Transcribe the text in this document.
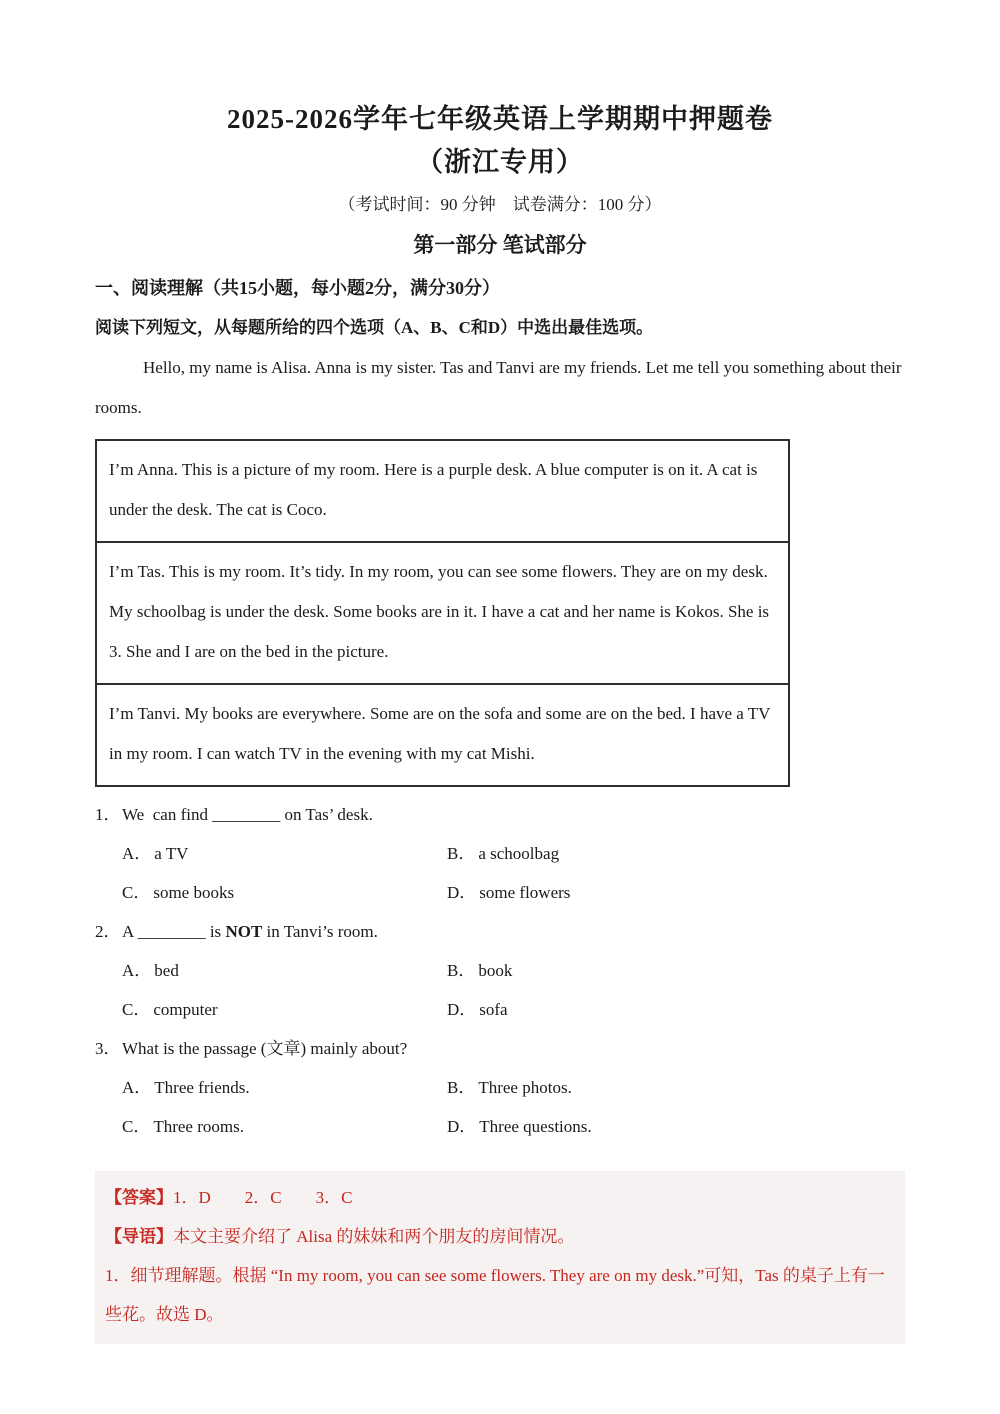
2025-2026学年七年级英语上学期期中押题卷
（浙江专用）
（考试时间：90 分钟　试卷满分：100 分）
第一部分 笔试部分
一、阅读理解（共15小题，每小题2分，满分30分）
阅读下列短文，从每题所给的四个选项（A、B、C和D）中选出最佳选项。

Hello, my name is Alisa. Anna is my sister. Tas and Tanvi are my friends. Let me tell you something about their rooms.

I’m Anna. This is a picture of my room. Here is a purple desk. A blue computer is on it. A cat is under the desk. The cat is Coco.
I’m Tas. This is my room. It’s tidy. In my room, you can see some flowers. They are on my desk. My schoolbag is under the desk. Some books are in it. I have a cat and her name is Kokos. She is 3. She and I are on the bed in the picture.
I’m Tanvi. My books are everywhere. Some are on the sofa and some are on the bed. I have a TV in my room. I can watch TV in the evening with my cat Mishi.
1．We  can find ________ on Tas’ desk.
A． a TV	B． a schoolbag
C． some books	D． some flowers
2．A ________ is NOT in Tanvi’s room.
A． bed	B． book
C． computer	D． sofa
3．What is the passage (文章) mainly about?
A． Three friends.	B． Three photos.
C． Three rooms.	D． Three questions.

【答案】1．D　　2．C　　3．C

【导语】本文主要介绍了 Alisa 的妹妹和两个朋友的房间情况。

1．细节理解题。根据 “In my room, you can see some flowers. They are on my desk.”可知，Tas 的桌子上有一些花。故选 D。
